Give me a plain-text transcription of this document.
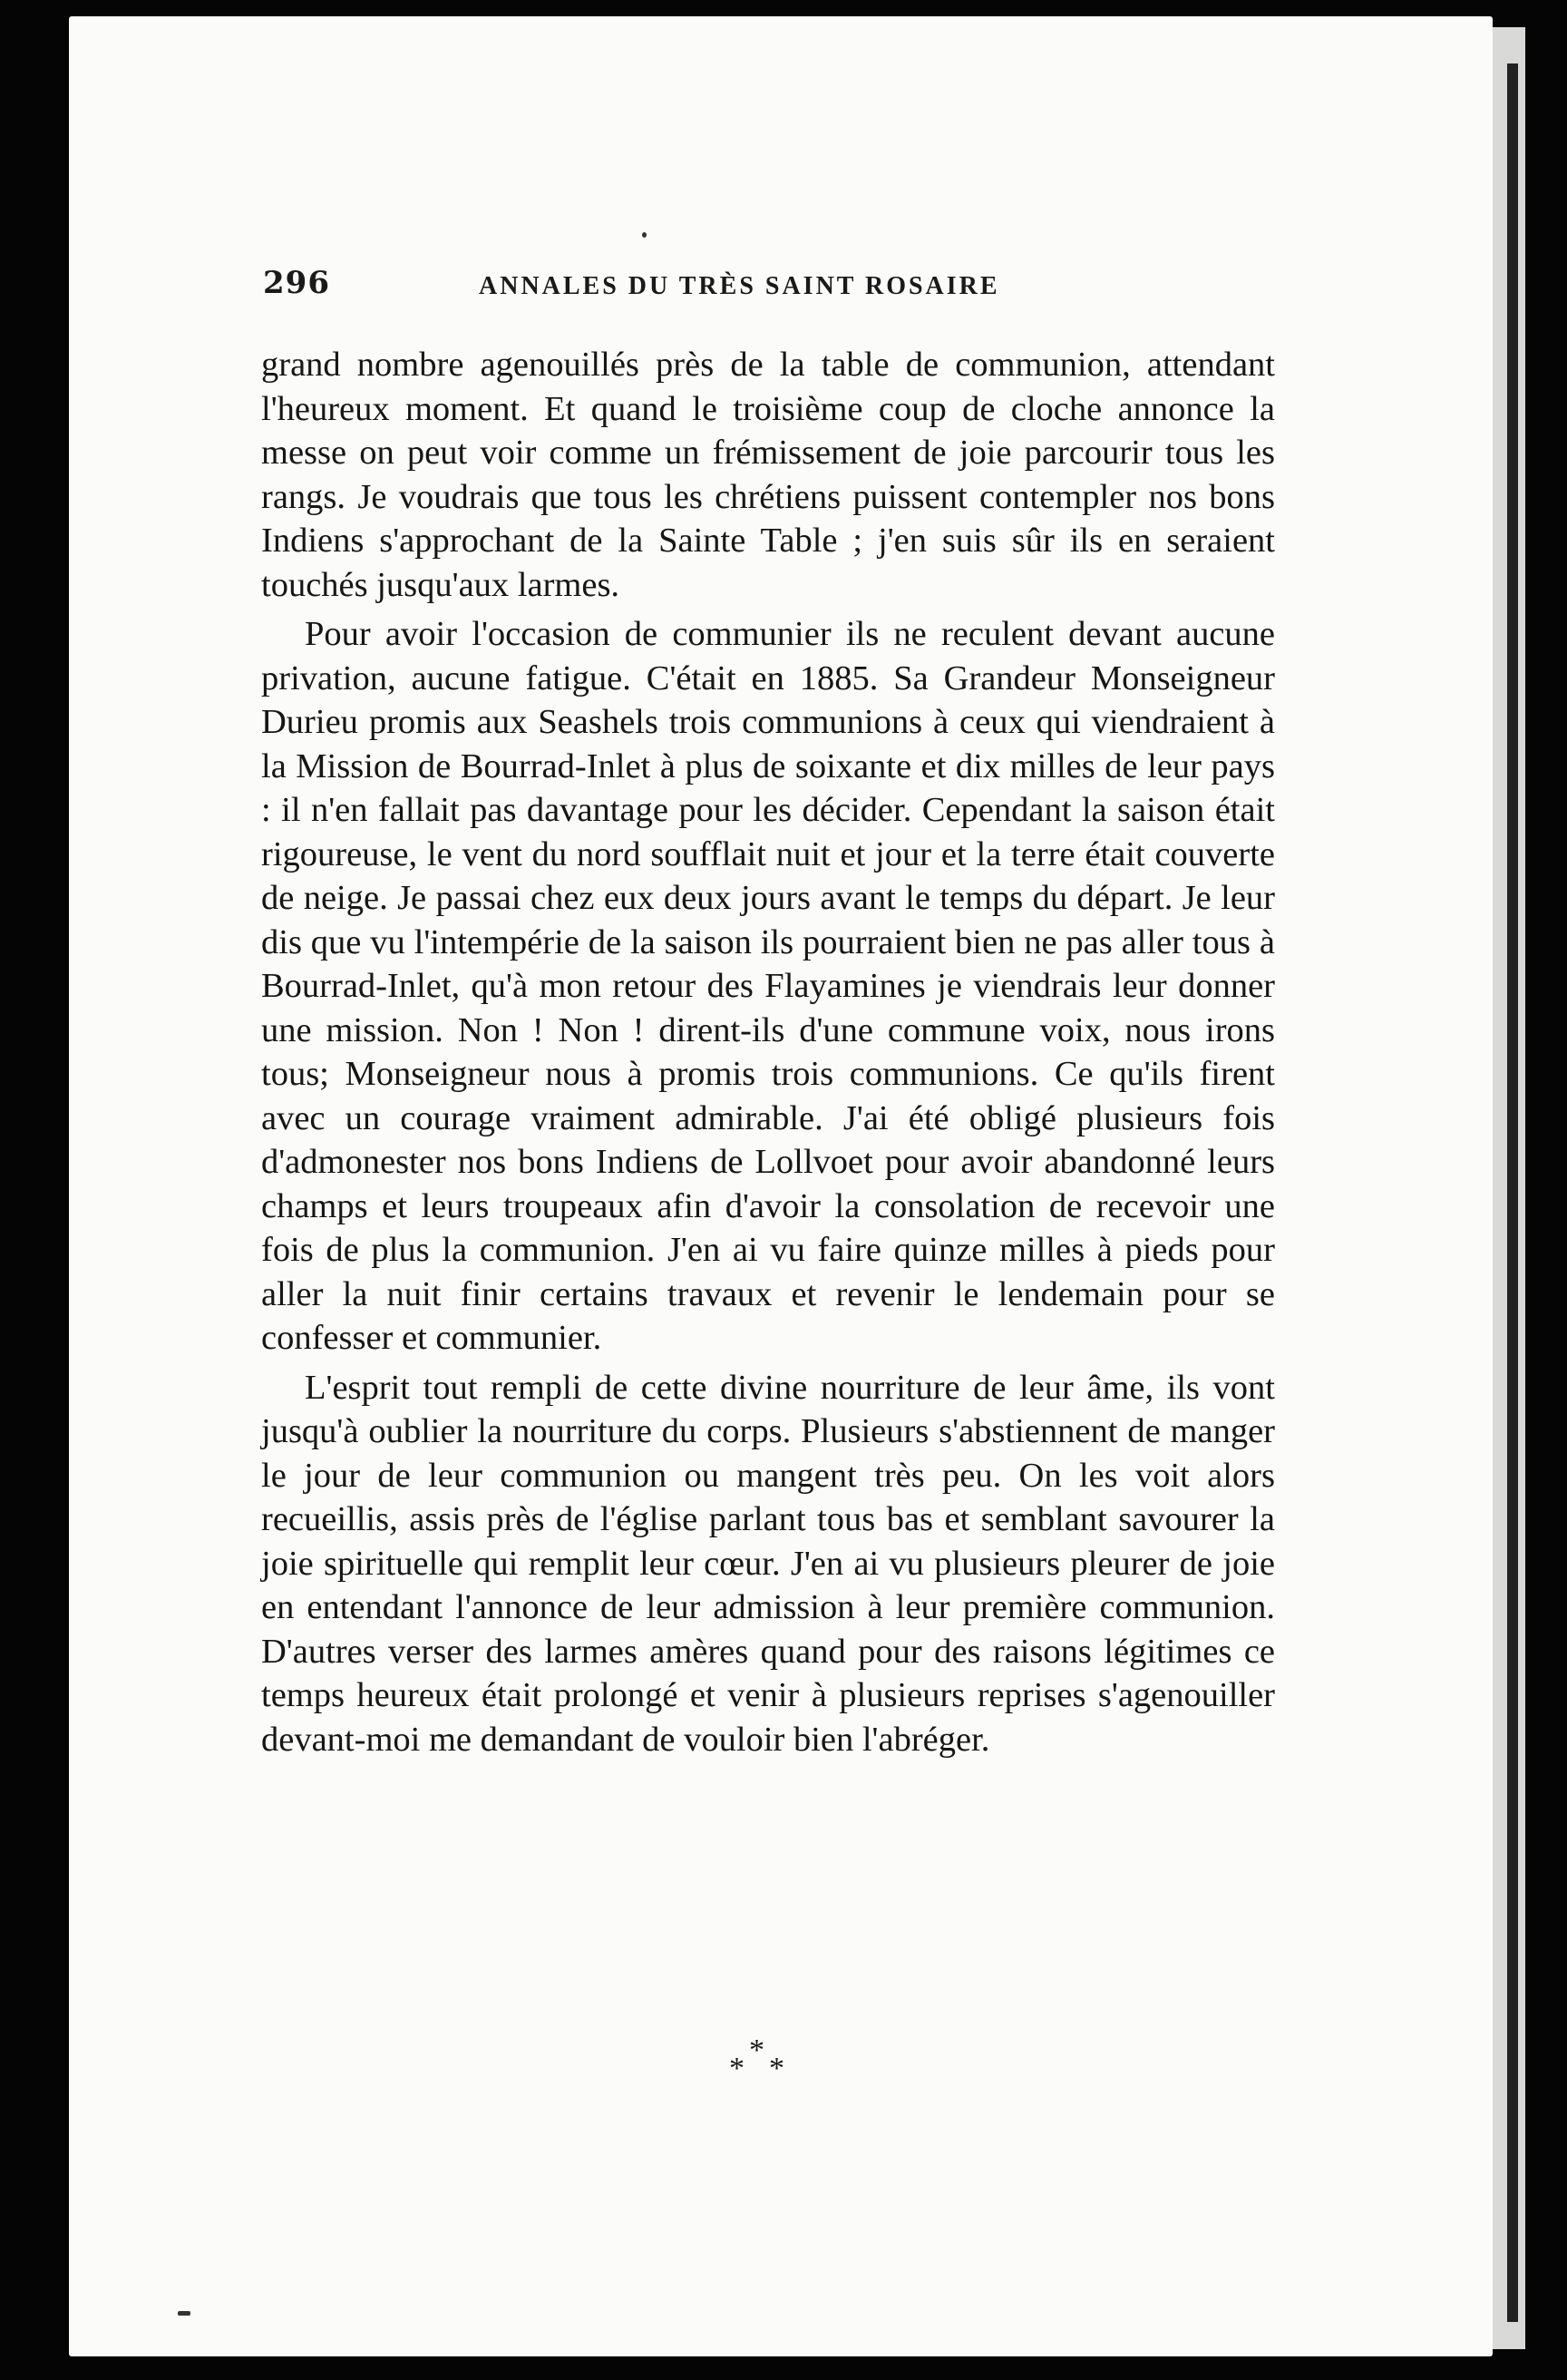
296	ANNALES DU TRÈS SAINT ROSAIRE

grand nombre agenouillés près de la table de communion, attendant l'heureux moment. Et quand le troisième coup de cloche annonce la messe on peut voir comme un frémissement de joie parcourir tous les rangs. Je voudrais que tous les chrétiens puissent contempler nos bons Indiens s'approchant de la Sainte Table ; j'en suis sûr ils en seraient touchés jusqu'aux larmes.

Pour avoir l'occasion de communier ils ne reculent devant aucune privation, aucune fatigue. C'était en 1885. Sa Grandeur Monseigneur Durieu promis aux Seashels trois communions à ceux qui viendraient à la Mission de Bourrad-Inlet à plus de soixante et dix milles de leur pays : il n'en fallait pas davantage pour les décider. Cependant la saison était rigoureuse, le vent du nord soufflait nuit et jour et la terre était couverte de neige. Je passai chez eux deux jours avant le temps du départ. Je leur dis que vu l'intempérie de la saison ils pourraient bien ne pas aller tous à Bourrad-Inlet, qu'à mon retour des Flayamines je viendrais leur donner une mission. Non ! Non ! dirent-ils d'une commune voix, nous irons tous; Monseigneur nous à promis trois communions. Ce qu'ils firent avec un courage vraiment admirable. J'ai été obligé plusieurs fois d'admonester nos bons Indiens de Lollvoet pour avoir abandonné leurs champs et leurs troupeaux afin d'avoir la consolation de recevoir une fois de plus la communion. J'en ai vu faire quinze milles à pieds pour aller la nuit finir certains travaux et revenir le lendemain pour se confesser et communier.

L'esprit tout rempli de cette divine nourriture de leur âme, ils vont jusqu'à oublier la nourriture du corps. Plusieurs s'abstiennent de manger le jour de leur communion ou mangent très peu. On les voit alors recueillis, assis près de l'église parlant tous bas et semblant savourer la joie spirituelle qui remplit leur cœur. J'en ai vu plusieurs pleurer de joie en entendant l'annonce de leur admission à leur première communion. D'autres verser des larmes amères quand pour des raisons légitimes ce temps heureux était prolongé et venir à plusieurs reprises s'agenouiller devant-moi me demandant de vouloir bien l'abréger.

*
*
*
